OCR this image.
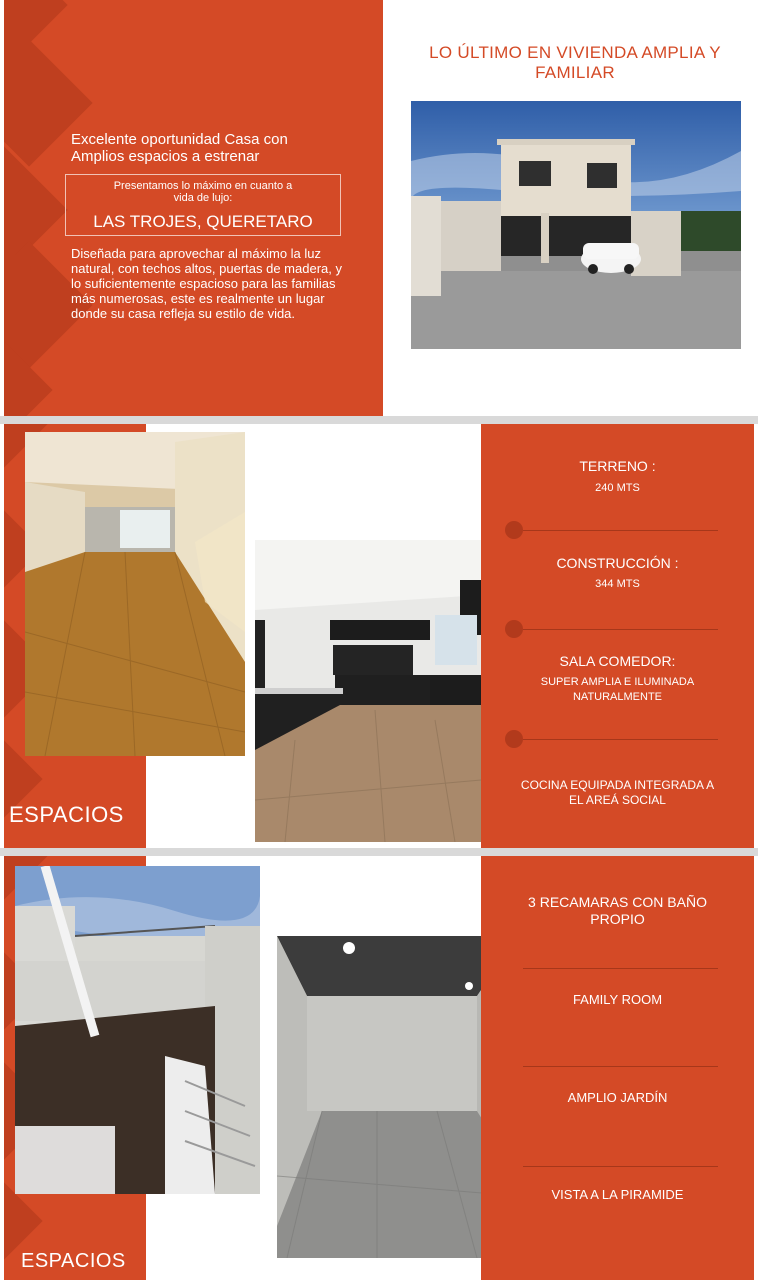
Excelente oportunidad Casa con Amplios espacios a estrenar
Presentamos lo máximo en cuanto a vida de lujo:
LAS TROJES, QUERETARO
Diseñada para aprovechar al máximo la luz natural, con techos altos, puertas de madera, y lo suficientemente espacioso para las familias más numerosas, este es realmente un lugar donde su casa refleja su estilo de vida.
LO ÚLTIMO EN VIVIENDA AMPLIA Y FAMILIAR
ESPACIOS
TERRENO :
240 MTS
CONSTRUCCIÓN :
344 MTS
SALA COMEDOR:
SUPER AMPLIA E ILUMINADA NATURALMENTE
COCINA EQUIPADA INTEGRADA A EL AREÁ SOCIAL
ESPACIOS
3 RECAMARAS CON BAÑO PROPIO
FAMILY ROOM
AMPLIO JARDÍN
VISTA A LA PIRAMIDE
